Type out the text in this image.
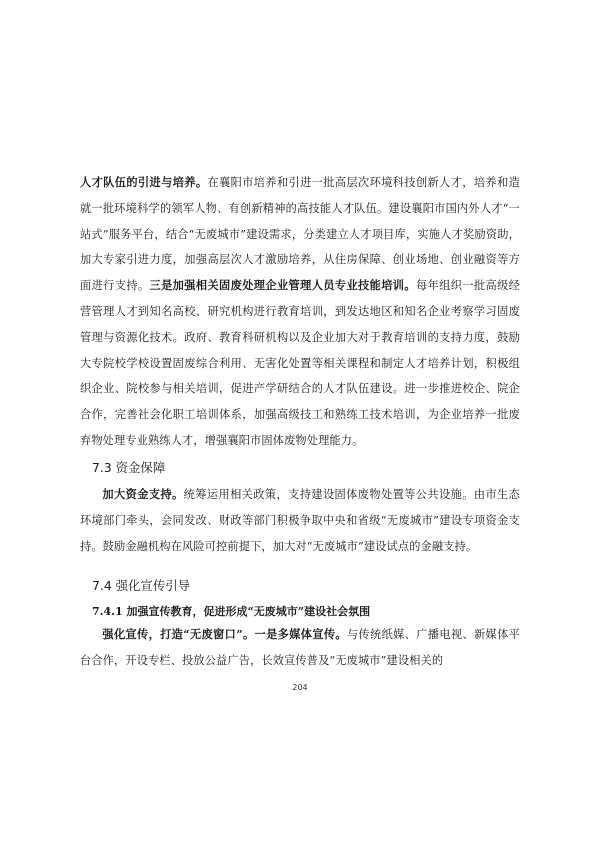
人才队伍的引进与培养。在襄阳市培养和引进一批高层次环境科技创新人才，培养和造就一批环境科学的领军人物、有创新精神的高技能人才队伍。建设襄阳市国内外人才“一站式”服务平台，结合“无废城市”建设需求，分类建立人才项目库，实施人才奖励资助，加大专家引进力度，加强高层次人才激励培养，从住房保障、创业场地、创业融资等方面进行支持。三是加强相关固废处理企业管理人员专业技能培训。每年组织一批高级经营管理人才到知名高校、研究机构进行教育培训，到发达地区和知名企业考察学习固废管理与资源化技术。政府、教育科研机构以及企业加大对于教育培训的支持力度，鼓励大专院校学校设置固废综合利用、无害化处置等相关课程和制定人才培养计划，积极组织企业、院校参与相关培训，促进产学研结合的人才队伍建设。进一步推进校企、院企合作，完善社会化职工培训体系，加强高级技工和熟练工技术培训，为企业培养一批废弃物处理专业熟练人才，增强襄阳市固体废物处理能力。

7.3 资金保障

加大资金支持。统筹运用相关政策，支持建设固体废物处置等公共设施。由市生态环境部门牵头，会同发改、财政等部门积极争取中央和省级“无废城市”建设专项资金支持。鼓励金融机构在风险可控前提下，加大对“无废城市”建设试点的金融支持。

7.4 强化宣传引导
7.4.1 加强宣传教育，促进形成“无废城市”建设社会氛围

强化宣传，打造“无废窗口”。一是多媒体宣传。与传统纸媒、广播电视、新媒体平台合作，开设专栏、投放公益广告，长效宣传普及“无废城市”建设相关的

204
